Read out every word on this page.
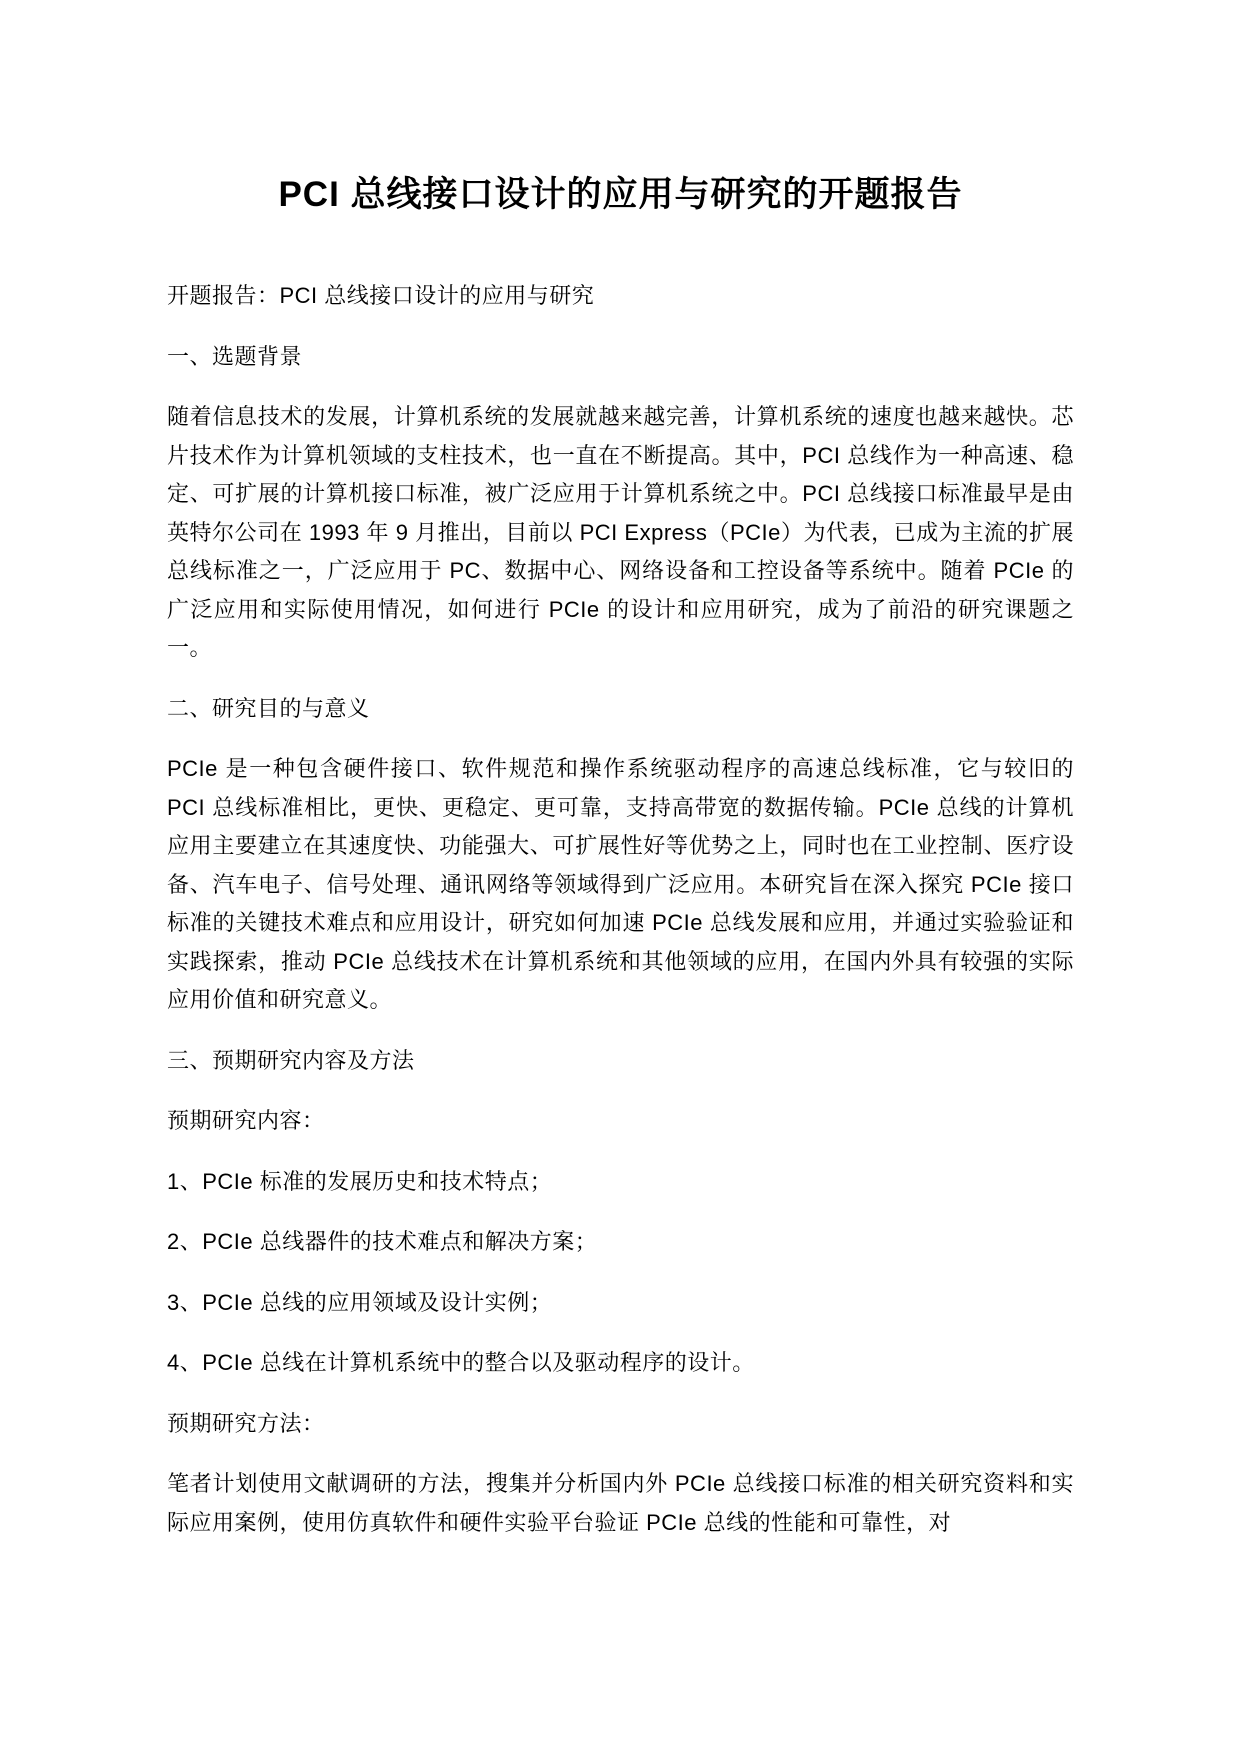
PCI 总线接口设计的应用与研究的开题报告

开题报告：PCI 总线接口设计的应用与研究

一、选题背景

随着信息技术的发展，计算机系统的发展就越来越完善，计算机系统的速度也越来越快。芯片技术作为计算机领域的支柱技术，也一直在不断提高。其中，PCI 总线作为一种高速、稳定、可扩展的计算机接口标准，被广泛应用于计算机系统之中。PCI 总线接口标准最早是由英特尔公司在 1993 年 9 月推出，目前以 PCI Express（PCIe）为代表，已成为主流的扩展总线标准之一，广泛应用于 PC、数据中心、网络设备和工控设备等系统中。随着 PCIe 的广泛应用和实际使用情况，如何进行 PCIe 的设计和应用研究，成为了前沿的研究课题之一。

二、研究目的与意义

PCIe 是一种包含硬件接口、软件规范和操作系统驱动程序的高速总线标准，它与较旧的 PCI 总线标准相比，更快、更稳定、更可靠，支持高带宽的数据传输。PCIe 总线的计算机应用主要建立在其速度快、功能强大、可扩展性好等优势之上，同时也在工业控制、医疗设备、汽车电子、信号处理、通讯网络等领域得到广泛应用。本研究旨在深入探究 PCIe 接口标准的关键技术难点和应用设计，研究如何加速 PCIe 总线发展和应用，并通过实验验证和实践探索，推动 PCIe 总线技术在计算机系统和其他领域的应用，在国内外具有较强的实际应用价值和研究意义。

三、预期研究内容及方法

预期研究内容：

1、PCIe 标准的发展历史和技术特点；

2、PCIe 总线器件的技术难点和解决方案；

3、PCIe 总线的应用领域及设计实例；

4、PCIe 总线在计算机系统中的整合以及驱动程序的设计。

预期研究方法：

笔者计划使用文献调研的方法，搜集并分析国内外 PCIe 总线接口标准的相关研究资料和实际应用案例，使用仿真软件和硬件实验平台验证 PCIe 总线的性能和可靠性，对
